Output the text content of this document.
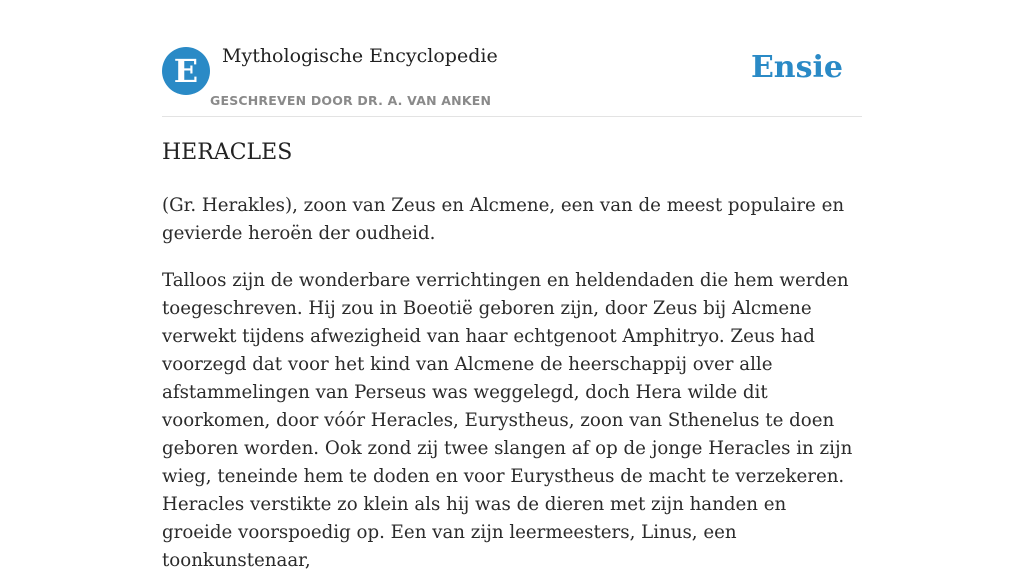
E	Mythologische Encyclopedie
GESCHREVEN DOOR DR. A. VAN ANKEN
Ensie
HERACLES

(Gr. Herakles), zoon van Zeus en Alcmene, een van de meest populaire en gevierde heroën der oudheid.

Talloos zijn de wonderbare verrichtingen en heldendaden die hem werden toegeschreven. Hij zou in Boeotië geboren zijn, door Zeus bij Alcmene verwekt tijdens afwezigheid van haar echtgenoot Amphitryo. Zeus had voorzegd dat voor het kind van Alcmene de heerschappij over alle afstammelingen van Perseus was weggelegd, doch Hera wilde dit voorkomen, door vóór Heracles, Eurystheus, zoon van Sthenelus te doen geboren worden. Ook zond zij twee slangen af op de jonge Heracles in zijn wieg, teneinde hem te doden en voor Eurystheus de macht te verzekeren. Heracles verstikte zo klein als hij was de dieren met zijn handen en groeide voorspoedig op. Een van zijn leermeesters, Linus, een toonkunstenaar,
